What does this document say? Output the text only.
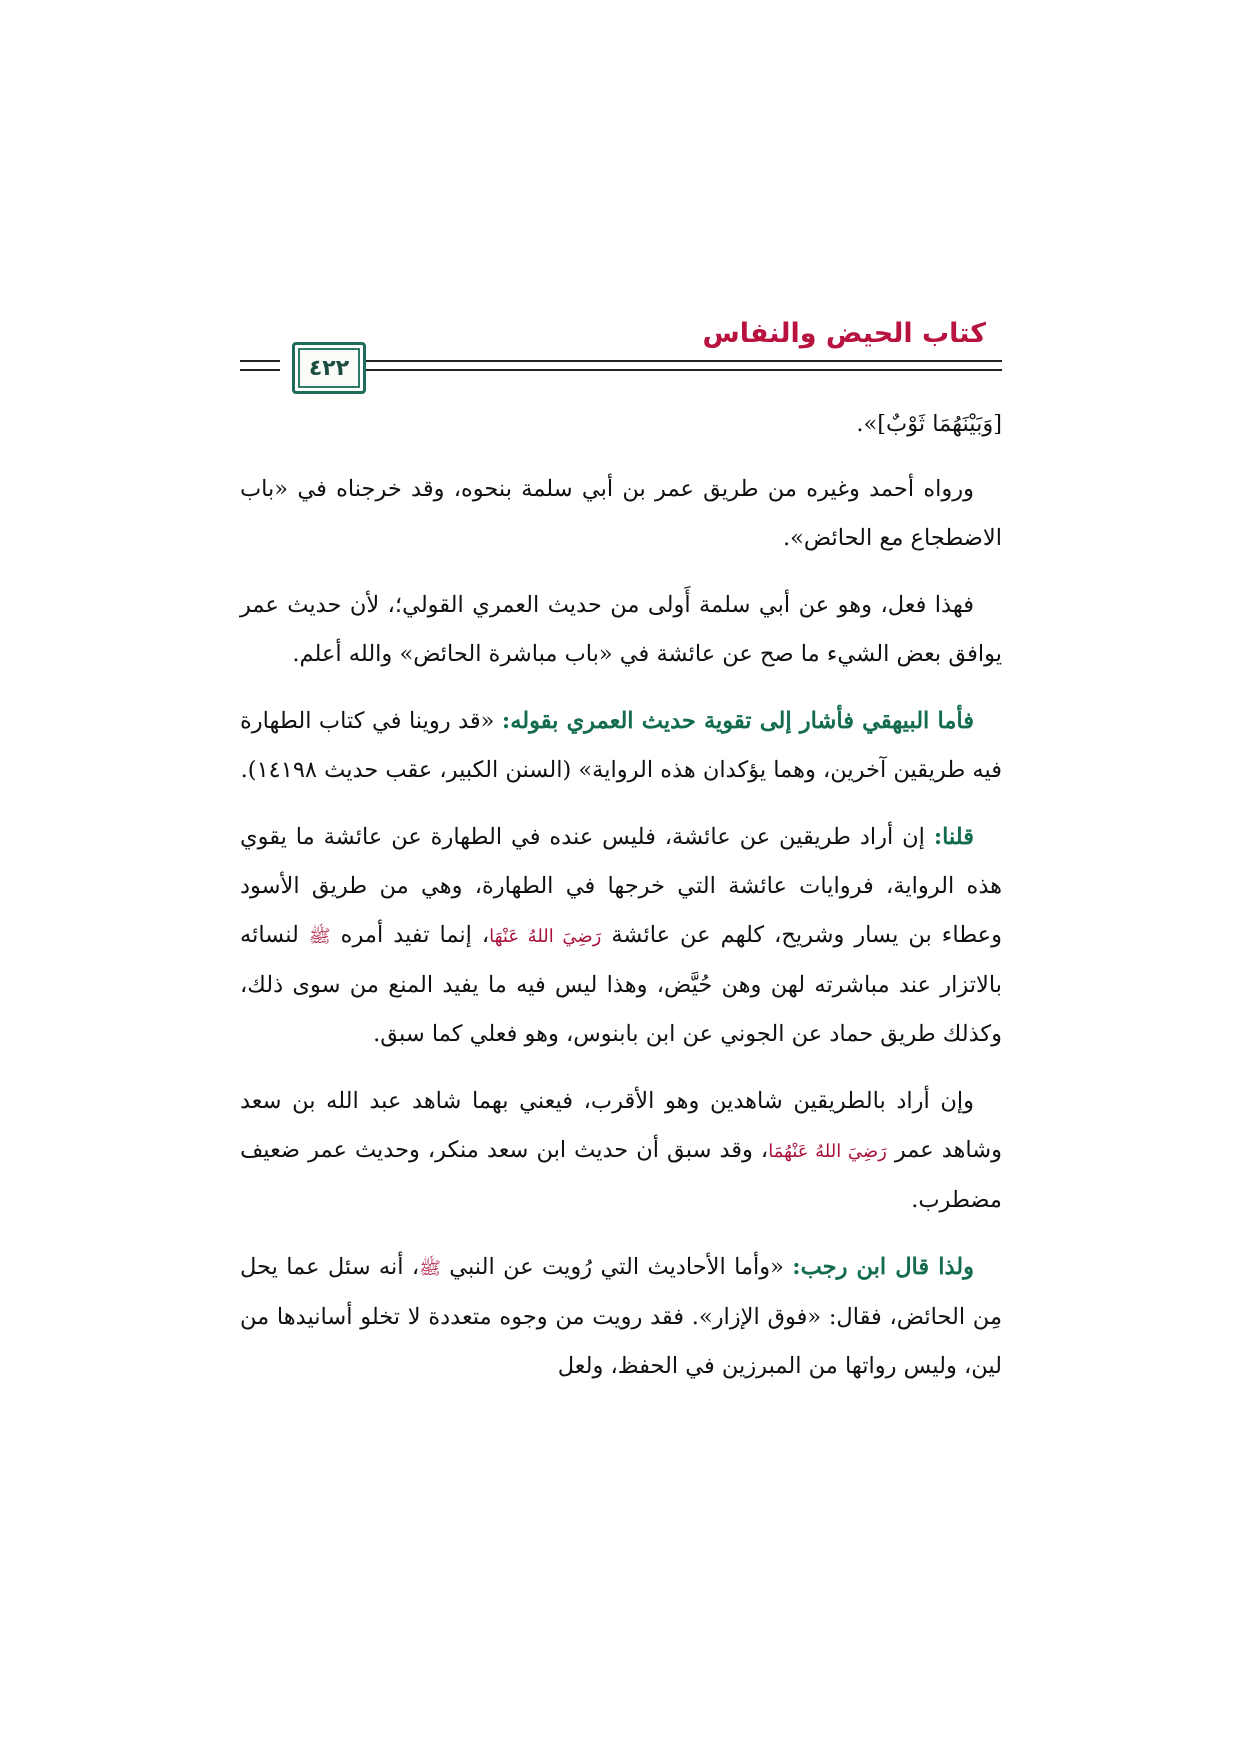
كتاب الحيض والنفاس
٤٢٢

[وَبَيْنَهُمَا ثَوْبٌ]».

ورواه أحمد وغيره من طريق عمر بن أبي سلمة بنحوه، وقد خرجناه في «باب الاضطجاع مع الحائض».

فهذا فعل، وهو عن أبي سلمة أَولى من حديث العمري القولي؛، لأن حديث عمر يوافق بعض الشيء ما صح عن عائشة في «باب مباشرة الحائض» والله أعلم.

فأما البيهقي فأشار إلى تقوية حديث العمري بقوله: «قد روينا في كتاب الطهارة فيه طريقين آخرين، وهما يؤكدان هذه الرواية» (السنن الكبير، عقب حديث ١٤١٩٨).

قلنا: إن أراد طريقين عن عائشة، فليس عنده في الطهارة عن عائشة ما يقوي هذه الرواية، فروايات عائشة التي خرجها في الطهارة، وهي من طريق الأسود وعطاء بن يسار وشريح، كلهم عن عائشة رَضِيَ اللهُ عَنْهَا، إنما تفيد أمره ﷺ لنسائه بالاتزار عند مباشرته لهن وهن حُيَّض، وهذا ليس فيه ما يفيد المنع من سوى ذلك، وكذلك طريق حماد عن الجوني عن ابن بابنوس، وهو فعلي كما سبق.

وإن أراد بالطريقين شاهدين وهو الأقرب، فيعني بهما شاهد عبد الله بن سعد وشاهد عمر رَضِيَ اللهُ عَنْهُمَا، وقد سبق أن حديث ابن سعد منكر، وحديث عمر ضعيف مضطرب.

ولذا قال ابن رجب: «وأما الأحاديث التي رُويت عن النبي ﷺ، أنه سئل عما يحل مِن الحائض، فقال: «فوق الإزار». فقد رويت من وجوه متعددة لا تخلو أسانيدها من لين، وليس رواتها من المبرزين في الحفظ، ولعل
